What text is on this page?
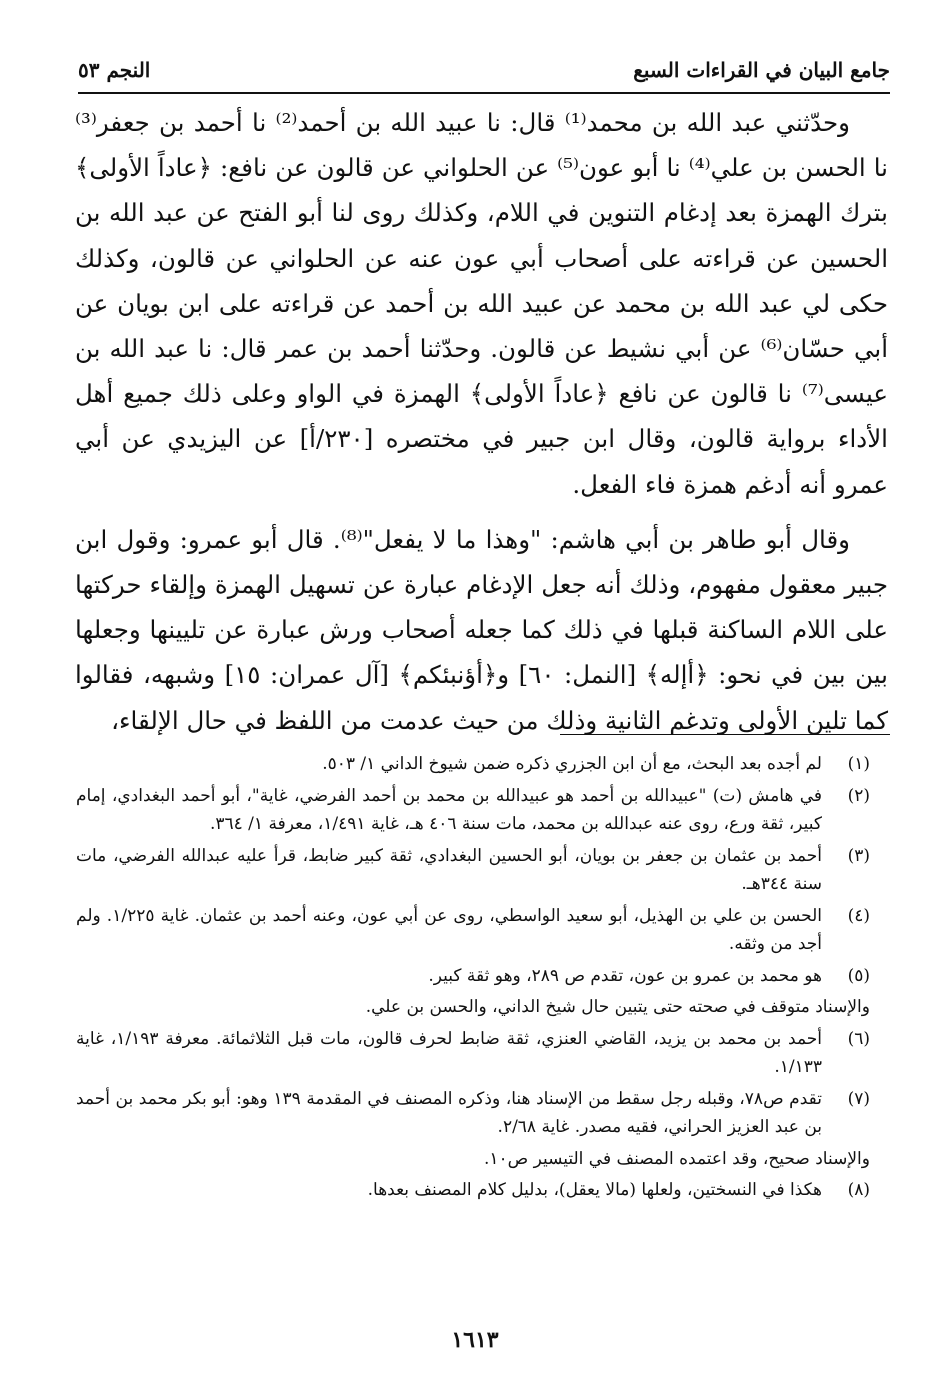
جامع البيان في القراءات السبع
النجم ٥٣

وحدّثني عبد الله بن محمد⁽¹⁾ قال: نا عبيد الله بن أحمد⁽²⁾ نا أحمد بن جعفر⁽³⁾ نا الحسن بن علي⁽⁴⁾ نا أبو عون⁽⁵⁾ عن الحلواني عن قالون عن نافع: ﴿عاداً الأولى﴾ بترك الهمزة بعد إدغام التنوين في اللام، وكذلك روى لنا أبو الفتح عن عبد الله بن الحسين عن قراءته على أصحاب أبي عون عنه عن الحلواني عن قالون، وكذلك حكى لي عبد الله بن محمد عن عبيد الله بن أحمد عن قراءته على ابن بويان عن أبي حسّان⁽⁶⁾ عن أبي نشيط عن قالون. وحدّثنا أحمد بن عمر قال: نا عبد الله بن عيسى⁽⁷⁾ نا قالون عن نافع ﴿عاداً الأولى﴾ الهمزة في الواو وعلى ذلك جميع أهل الأداء برواية قالون، وقال ابن جبير في مختصره [٢٣٠/أ] عن اليزيدي عن أبي عمرو أنه أدغم همزة فاء الفعل.

وقال أبو طاهر بن أبي هاشم: "وهذا ما لا يفعل"⁽⁸⁾. قال أبو عمرو: وقول ابن جبير معقول مفهوم، وذلك أنه جعل الإدغام عبارة عن تسهيل الهمزة وإلقاء حركتها على اللام الساكنة قبلها في ذلك كما جعله أصحاب ورش عبارة عن تليينها وجعلها بين بين في نحو: ﴿أإله﴾ [النمل: ٦٠] و﴿أؤنبئكم﴾ [آل عمران: ١٥] وشبهه، فقالوا كما تلين الأولى وتدغم الثانية وذلك من حيث عدمت من اللفظ في حال الإلقاء،

(١)
لم أجده بعد البحث، مع أن ابن الجزري ذكره ضمن شيوخ الداني ١/ ٥٠٣.
(٢)
في هامش (ت) "عبيدالله بن أحمد هو عبيدالله بن محمد بن أحمد الفرضي، غاية"، أبو أحمد البغدادي، إمام كبير، ثقة ورع، روى عنه عبدالله بن محمد، مات سنة ٤٠٦ هـ، غاية ١/٤٩١، معرفة ١/ ٣٦٤.
(٣)
أحمد بن عثمان بن جعفر بن بويان، أبو الحسين البغدادي، ثقة كبير ضابط، قرأ عليه عبدالله الفرضي، مات سنة ٣٤٤هـ.
(٤)
الحسن بن علي بن الهذيل، أبو سعيد الواسطي، روى عن أبي عون، وعنه أحمد بن عثمان. غاية ١/٢٢٥. ولم أجد من وثقه.
(٥)
هو محمد بن عمرو بن عون، تقدم ص ٢٨٩، وهو ثقة كبير.
والإسناد متوقف في صحته حتى يتبين حال شيخ الداني، والحسن بن علي.
(٦)
أحمد بن محمد بن يزيد، القاضي العنزي، ثقة ضابط لحرف قالون، مات قبل الثلاثمائة. معرفة ١/١٩٣، غاية ١/١٣٣.
(٧)
تقدم ص٧٨، وقبله رجل سقط من الإسناد هنا، وذكره المصنف في المقدمة ١٣٩ وهو: أبو بكر محمد بن أحمد بن عبد العزيز الحراني، فقيه مصدر. غاية ٢/٦٨.
والإسناد صحيح، وقد اعتمده المصنف في التيسير ص١٠.
(٨)
هكذا في النسختين، ولعلها (مالا يعقل)، بدليل كلام المصنف بعدها.
١٦١٣
